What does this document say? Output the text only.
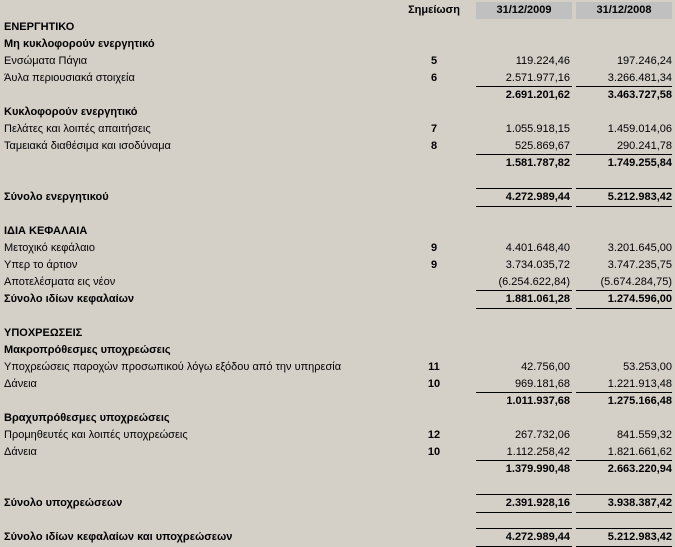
Σημείωση	31/12/2009	31/12/2008
ΕΝΕΡΓΗΤΙΚΟ
Μη κυκλοφορούν ενεργητικό
Ενσώματα Πάγια	5	119.224,46	197.246,24
Άυλα περιουσιακά στοιχεία	6	2.571.977,16	3.266.481,34
2.691.201,62	3.463.727,58
Κυκλοφορούν ενεργητικό
Πελάτες και λοιπές απαιτήσεις	7	1.055.918,15	1.459.014,06
Ταμειακά διαθέσιμα και ισοδύναμα	8	525.869,67	290.241,78
1.581.787,82	1.749.255,84
Σύνολο ενεργητικού	4.272.989,44	5.212.983,42
ΙΔΙΑ ΚΕΦΑΛΑΙΑ
Μετοχικό κεφάλαιο	9	4.401.648,40	3.201.645,00
Υπερ το άρτιον	9	3.734.035,72	3.747.235,75
Αποτελέσματα εις νέον	(6.254.622,84)	(5.674.284,75)
Σύνολο ιδίων κεφαλαίων	1.881.061,28	1.274.596,00
ΥΠΟΧΡΕΩΣΕΙΣ
Μακροπρόθεσμες υποχρεώσεις
Υποχρεώσεις παροχών προσωπικού λόγω εξόδου από την υπηρεσία	11	42.756,00	53.253,00
Δάνεια	10	969.181,68	1.221.913,48
1.011.937,68	1.275.166,48
Βραχυπρόθεσμες υποχρεώσεις
Προμηθευτές και λοιπές υποχρεώσεις	12	267.732,06	841.559,32
Δάνεια	10	1.112.258,42	1.821.661,62
1.379.990,48	2.663.220,94
Σύνολο υποχρεώσεων	2.391.928,16	3.938.387,42
Σύνολο ιδίων κεφαλαίων και υποχρεώσεων	4.272.989,44	5.212.983,42
